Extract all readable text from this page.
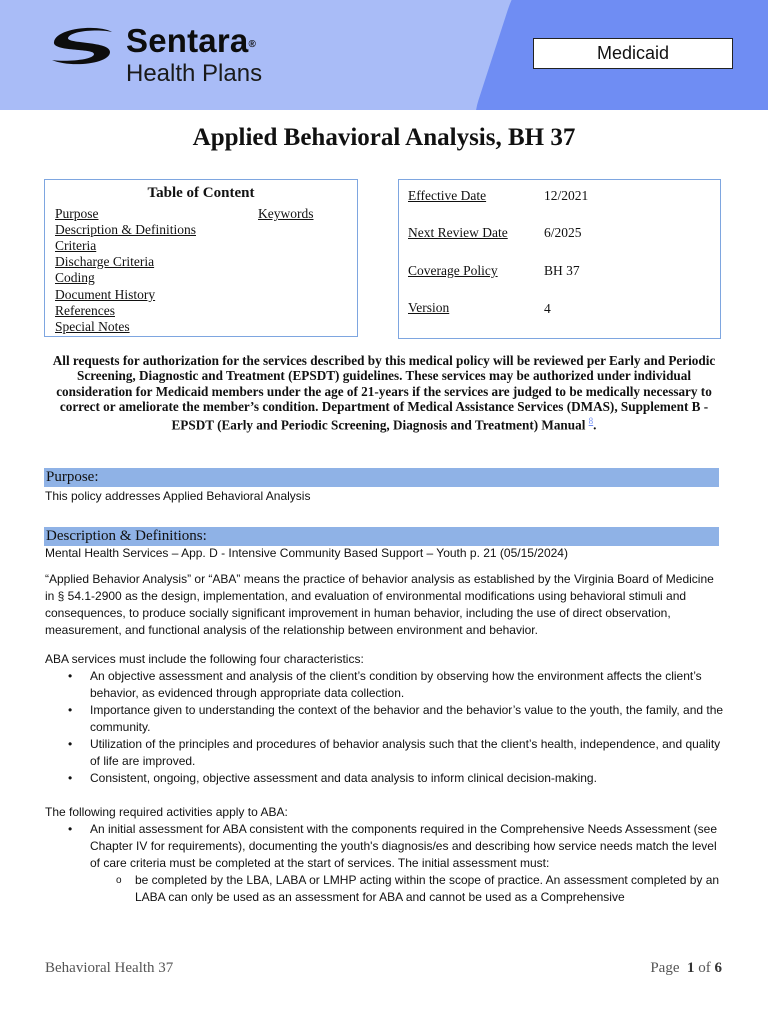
Sentara®
Health Plans
Medicaid
Applied Behavioral Analysis, BH 37
Table of Content
Purpose	Keywords
Description & Definitions
Criteria
Discharge Criteria
Coding
Document History
References
Special Notes
Effective Date	12/2021
Next Review Date	6/2025
Coverage Policy	BH 37
Version	4
All requests for authorization for the services described by this medical policy will be reviewed per Early and Periodic Screening, Diagnostic and Treatment (EPSDT) guidelines. These services may be authorized under individual consideration for Medicaid members under the age of 21-years if the services are judged to be medically necessary to correct or ameliorate the member’s condition. Department of Medical Assistance Services (DMAS), Supplement B - EPSDT (Early and Periodic Screening, Diagnosis and Treatment) Manual $^8$.
Purpose:
This policy addresses Applied Behavioral Analysis
Description & Definitions:
Mental Health Services – App. D - Intensive Community Based Support – Youth p. 21 (05/15/2024)
“Applied Behavior Analysis” or “ABA” means the practice of behavior analysis as established by the Virginia Board of Medicine in § 54.1-2900 as the design, implementation, and evaluation of environmental modifications using behavioral stimuli and consequences, to produce socially significant improvement in human behavior, including the use of direct observation, measurement, and functional analysis of the relationship between environment and behavior.
ABA services must include the following four characteristics:
• An objective assessment and analysis of the client’s condition by observing how the environment affects the client’s behavior, as evidenced through appropriate data collection.
• Importance given to understanding the context of the behavior and the behavior’s value to the youth, the family, and the community.
• Utilization of the principles and procedures of behavior analysis such that the client’s health, independence, and quality of life are improved.
• Consistent, ongoing, objective assessment and data analysis to inform clinical decision-making.
The following required activities apply to ABA:
• An initial assessment for ABA consistent with the components required in the Comprehensive Needs Assessment (see Chapter IV for requirements), documenting the youth's diagnosis/es and describing how service needs match the level of care criteria must be completed at the start of services. The initial assessment must:
o be completed by the LBA, LABA or LMHP acting within the scope of practice. An assessment completed by an LABA can only be used as an assessment for ABA and cannot be used as a Comprehensive
Behavioral Health 37	Page 1 of 6
